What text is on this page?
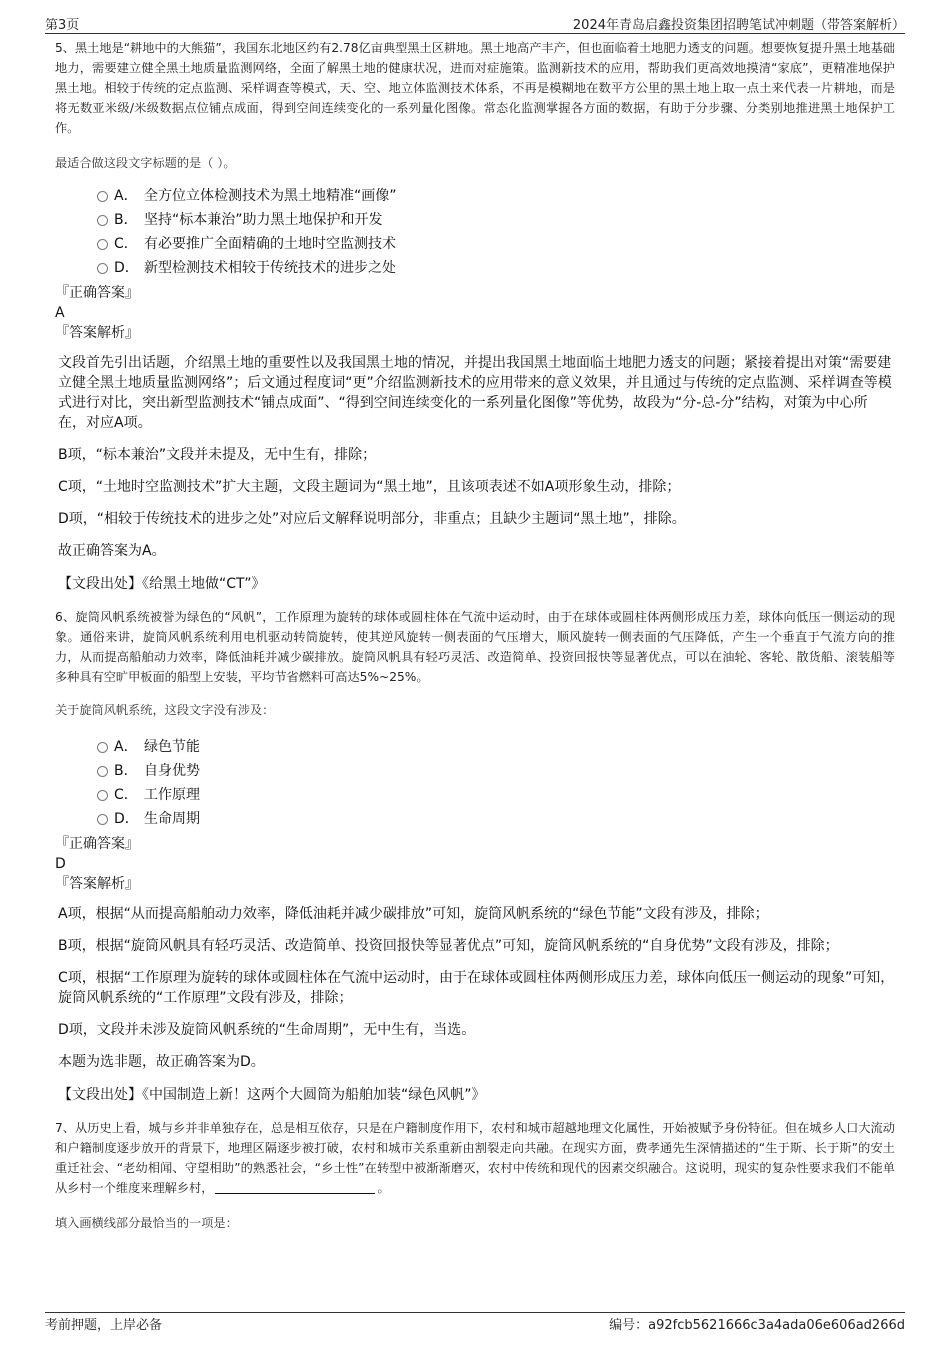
第3页	2024年青岛启鑫投资集团招聘笔试冲刺题（带答案解析）

5、黑土地是“耕地中的大熊猫”，我国东北地区约有2.78亿亩典型黑土区耕地。黑土地高产丰产，但也面临着土地肥力透支的问题。想要恢复提升黑土地基础地力，需要建立健全黑土地质量监测网络，全面了解黑土地的健康状况，进而对症施策。监测新技术的应用，帮助我们更高效地摸清“家底”，更精准地保护黑土地。相较于传统的定点监测、采样调查等模式，天、空、地立体监测技术体系，不再是模糊地在数平方公里的黑土地上取一点土来代表一片耕地，而是将无数亚米级/米级数据点位铺点成面，得到空间连续变化的一系列量化图像。常态化监测掌握各方面的数据，有助于分步骤、分类别地推进黑土地保护工作。

最适合做这段文字标题的是（ ）。

A． 全方位立体检测技术为黑土地精准“画像”
B． 坚持“标本兼治”助力黑土地保护和开发
C． 有必要推广全面精确的土地时空监测技术
D． 新型检测技术相较于传统技术的进步之处

『正确答案』

A

『答案解析』

文段首先引出话题，介绍黑土地的重要性以及我国黑土地的情况，并提出我国黑土地面临土地肥力透支的问题；紧接着提出对策“需要建立健全黑土地质量监测网络”；后文通过程度词“更”介绍监测新技术的应用带来的意义效果，并且通过与传统的定点监测、采样调查等模式进行对比，突出新型监测技术“铺点成面”、“得到空间连续变化的一系列量化图像”等优势，故段为“分-总-分”结构，对策为中心所在，对应A项。

B项，“标本兼治”文段并未提及，无中生有，排除；

C项，“土地时空监测技术”扩大主题，文段主题词为“黑土地”，且该项表述不如A项形象生动，排除；

D项，“相较于传统技术的进步之处”对应后文解释说明部分，非重点；且缺少主题词“黑土地”，排除。

故正确答案为A。

【文段出处】《给黑土地做“CT”》

6、旋筒风帆系统被誉为绿色的“风帆”，工作原理为旋转的球体或圆柱体在气流中运动时，由于在球体或圆柱体两侧形成压力差，球体向低压一侧运动的现象。通俗来讲，旋筒风帆系统利用电机驱动转筒旋转，使其逆风旋转一侧表面的气压增大，顺风旋转一侧表面的气压降低，产生一个垂直于气流方向的推力，从而提高船舶动力效率，降低油耗并减少碳排放。旋筒风帆具有轻巧灵活、改造简单、投资回报快等显著优点，可以在油轮、客轮、散货船、滚装船等多种具有空旷甲板面的船型上安装，平均节省燃料可高达5%~25%。

关于旋筒风帆系统，这段文字没有涉及：

A． 绿色节能
B． 自身优势
C． 工作原理
D． 生命周期

『正确答案』

D

『答案解析』

A项，根据“从而提高船舶动力效率，降低油耗并减少碳排放”可知，旋筒风帆系统的“绿色节能”文段有涉及，排除；

B项，根据“旋筒风帆具有轻巧灵活、改造简单、投资回报快等显著优点”可知，旋筒风帆系统的“自身优势”文段有涉及，排除；

C项，根据“工作原理为旋转的球体或圆柱体在气流中运动时，由于在球体或圆柱体两侧形成压力差，球体向低压一侧运动的现象”可知，旋筒风帆系统的“工作原理”文段有涉及，排除；

D项，文段并未涉及旋筒风帆系统的“生命周期”，无中生有，当选。

本题为选非题，故正确答案为D。

【文段出处】《中国制造上新！这两个大圆筒为船舶加装“绿色风帆”》

7、从历史上看，城与乡并非单独存在，总是相互依存，只是在户籍制度作用下，农村和城市超越地理文化属性，开始被赋予身份特征。但在城乡人口大流动和户籍制度逐步放开的背景下，地理区隔逐步被打破，农村和城市关系重新由割裂走向共融。在现实方面，费孝通先生深情描述的“生于斯、长于斯”的安土重迁社会、“老幼相闻、守望相助”的熟悉社会，“乡土性”在转型中被渐渐磨灭，农村中传统和现代的因素交织融合。这说明，现实的复杂性要求我们不能单从乡村一个维度来理解乡村，	。

填入画横线部分最恰当的一项是：

考前押题，上岸必备	编号：a92fcb5621666c3a4ada06e606ad266d
